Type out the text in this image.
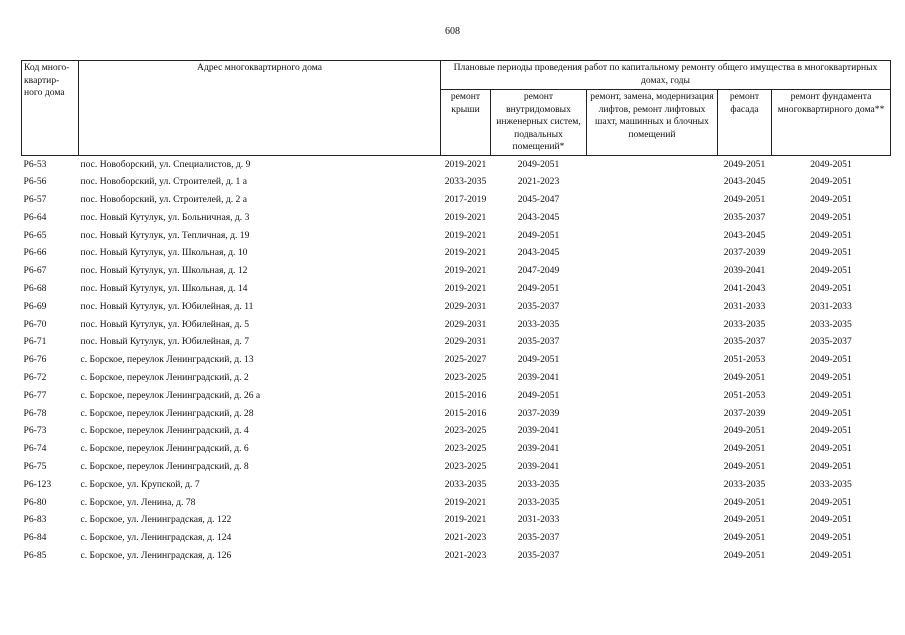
608
Код много-квартир-ного дома	Адрес многоквартирного дома	Плановые периоды проведения работ по капитальному ремонту общего имущества в многоквартирных домах, годы				
		ремонт крыши	ремонт внутридомовых инженерных систем, подвальных помещений*	ремонт, замена, модернизация лифтов, ремонт лифтовых шахт, машинных и блочных помещений	ремонт фасада	ремонт фундамента многоквартирного дома**
Р6-53	пос. Новоборский, ул. Специалистов, д. 9	2019-2021	2049-2051		2049-2051	2049-2051
Р6-56	пос. Новоборский, ул. Строителей, д. 1 а	2033-2035	2021-2023		2043-2045	2049-2051
Р6-57	пос. Новоборский, ул. Строителей, д. 2 а	2017-2019	2045-2047		2049-2051	2049-2051
Р6-64	пос. Новый Кутулук, ул. Больничная, д. 3	2019-2021	2043-2045		2035-2037	2049-2051
Р6-65	пос. Новый Кутулук, ул. Тепличная, д. 19	2019-2021	2049-2051		2043-2045	2049-2051
Р6-66	пос. Новый Кутулук, ул. Школьная, д. 10	2019-2021	2043-2045		2037-2039	2049-2051
Р6-67	пос. Новый Кутулук, ул. Школьная, д. 12	2019-2021	2047-2049		2039-2041	2049-2051
Р6-68	пос. Новый Кутулук, ул. Школьная, д. 14	2019-2021	2049-2051		2041-2043	2049-2051
Р6-69	пос. Новый Кутулук, ул. Юбилейная, д. 11	2029-2031	2035-2037		2031-2033	2031-2033
Р6-70	пос. Новый Кутулук, ул. Юбилейная, д. 5	2029-2031	2033-2035		2033-2035	2033-2035
Р6-71	пос. Новый Кутулук, ул. Юбилейная, д. 7	2029-2031	2035-2037		2035-2037	2035-2037
Р6-76	с. Борское, переулок Ленинградский, д. 13	2025-2027	2049-2051		2051-2053	2049-2051
Р6-72	с. Борское, переулок Ленинградский, д. 2	2023-2025	2039-2041		2049-2051	2049-2051
Р6-77	с. Борское, переулок Ленинградский, д. 26 а	2015-2016	2049-2051		2051-2053	2049-2051
Р6-78	с. Борское, переулок Ленинградский, д. 28	2015-2016	2037-2039		2037-2039	2049-2051
Р6-73	с. Борское, переулок Ленинградский, д. 4	2023-2025	2039-2041		2049-2051	2049-2051
Р6-74	с. Борское, переулок Ленинградский, д. 6	2023-2025	2039-2041		2049-2051	2049-2051
Р6-75	с. Борское, переулок Ленинградский, д. 8	2023-2025	2039-2041		2049-2051	2049-2051
Р6-123	с. Борское, ул. Крупской, д. 7	2033-2035	2033-2035		2033-2035	2033-2035
Р6-80	с. Борское, ул. Ленина, д. 78	2019-2021	2033-2035		2049-2051	2049-2051
Р6-83	с. Борское, ул. Ленинградская, д. 122	2019-2021	2031-2033		2049-2051	2049-2051
Р6-84	с. Борское, ул. Ленинградская, д. 124	2021-2023	2035-2037		2049-2051	2049-2051
Р6-85	с. Борское, ул. Ленинградская, д. 126	2021-2023	2035-2037		2049-2051	2049-2051
